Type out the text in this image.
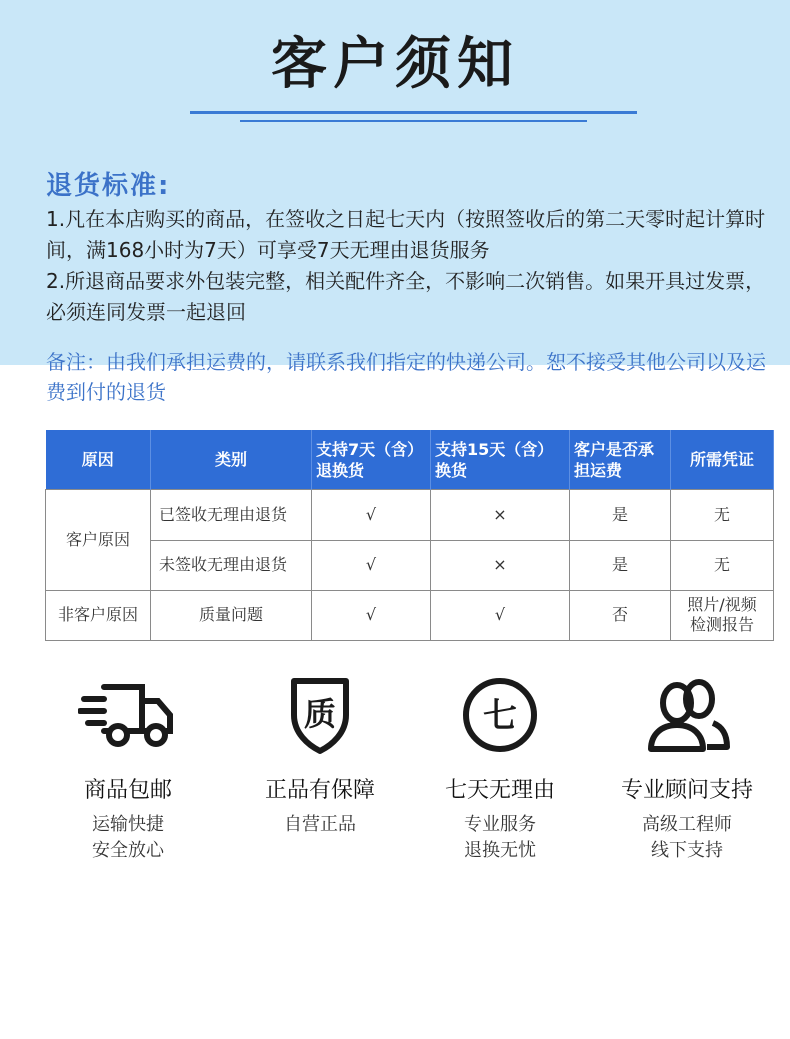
客户须知
退货标准:
1.凡在本店购买的商品，在签收之日起七天内（按照签收后的第二天零时起计算时间，满168小时为7天）可享受7天无理由退货服务
2.所退商品要求外包装完整，相关配件齐全，不影响二次销售。如果开具过发票，必须连同发票一起退回
备注：由我们承担运费的，请联系我们指定的快递公司。恕不接受其他公司以及运费到付的退货
原因	类别	支持7天（含）退换货	支持15天（含）换货	客户是否承担运费	所需凭证
客户原因	已签收无理由退货	√	×	是	无
	未签收无理由退货	√	×	是	无
非客户原因	质量问题	√	√	否	照片/视频检测报告
商品包邮
运输快捷
安全放心
质
正品有保障
自营正品
七
七天无理由
专业服务
退换无忧
专业顾问支持
高级工程师
线下支持
